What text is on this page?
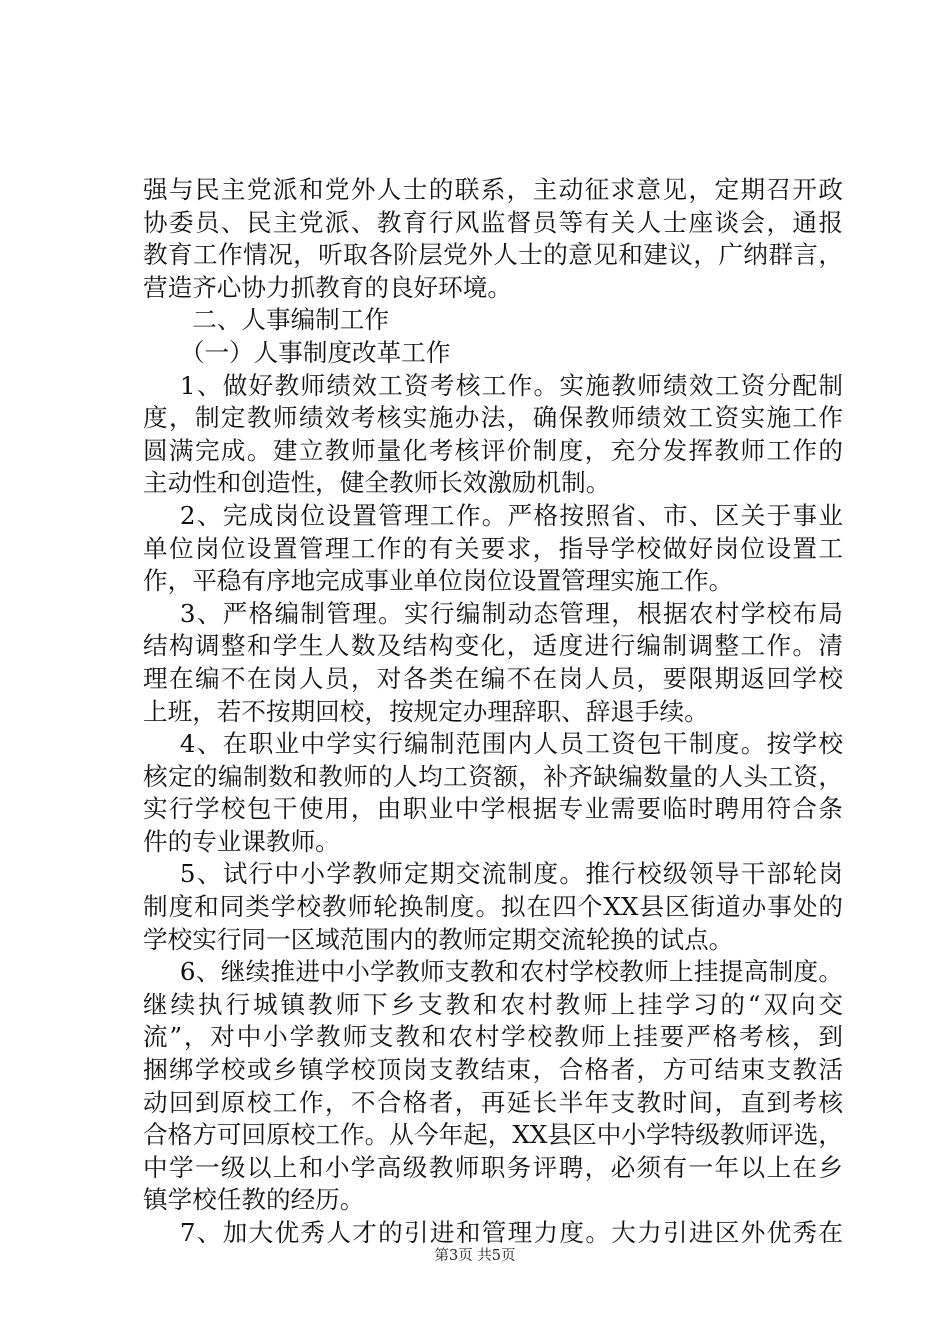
强与民主党派和党外人士的联系，主动征求意见，定期召开政
协委员、民主党派、教育行风监督员等有关人士座谈会，通报
教育工作情况，听取各阶层党外人士的意见和建议，广纳群言，
营造齐心协力抓教育的良好环境。
二、人事编制工作
（一）人事制度改革工作
1、做好教师绩效工资考核工作。实施教师绩效工资分配制
度，制定教师绩效考核实施办法，确保教师绩效工资实施工作
圆满完成。建立教师量化考核评价制度，充分发挥教师工作的
主动性和创造性，健全教师长效激励机制。
2、完成岗位设置管理工作。严格按照省、市、区关于事业
单位岗位设置管理工作的有关要求，指导学校做好岗位设置工
作，平稳有序地完成事业单位岗位设置管理实施工作。
3、严格编制管理。实行编制动态管理，根据农村学校布局
结构调整和学生人数及结构变化，适度进行编制调整工作。清
理在编不在岗人员，对各类在编不在岗人员，要限期返回学校
上班，若不按期回校，按规定办理辞职、辞退手续。
4、在职业中学实行编制范围内人员工资包干制度。按学校
核定的编制数和教师的人均工资额，补齐缺编数量的人头工资，
实行学校包干使用，由职业中学根据专业需要临时聘用符合条
件的专业课教师。
5、试行中小学教师定期交流制度。推行校级领导干部轮岗
制度和同类学校教师轮换制度。拟在四个XX县区街道办事处的
学校实行同一区域范围内的教师定期交流轮换的试点。
6、继续推进中小学教师支教和农村学校教师上挂提高制度。
继续执行城镇教师下乡支教和农村教师上挂学习的“双向交
流”，对中小学教师支教和农村学校教师上挂要严格考核，到
捆绑学校或乡镇学校顶岗支教结束，合格者，方可结束支教活
动回到原校工作，不合格者，再延长半年支教时间，直到考核
合格方可回原校工作。从今年起，XX县区中小学特级教师评选，
中学一级以上和小学高级教师职务评聘，必须有一年以上在乡
镇学校任教的经历。
7、加大优秀人才的引进和管理力度。大力引进区外优秀在
第3页 共5页
